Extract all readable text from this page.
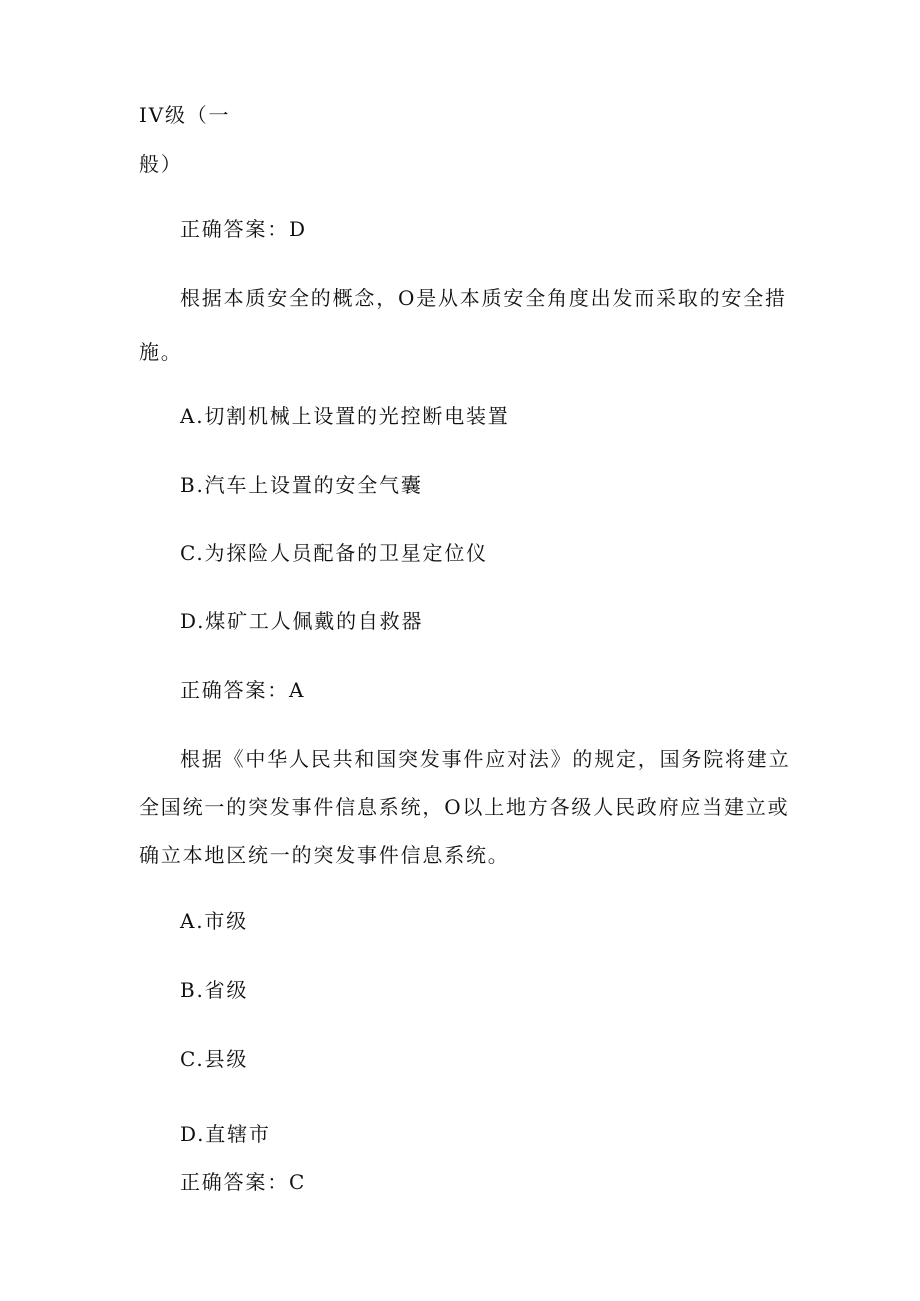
IV级（一

般）

正确答案：D

根据本质安全的概念，O是从本质安全角度出发而采取的安全措

施。

A.切割机械上设置的光控断电装置

B.汽车上设置的安全气囊

C.为探险人员配备的卫星定位仪

D.煤矿工人佩戴的自救器

正确答案：A

根据《中华人民共和国突发事件应对法》的规定，国务院将建立

全国统一的突发事件信息系统，O以上地方各级人民政府应当建立或

确立本地区统一的突发事件信息系统。

A.市级

B.省级

C.县级

D.直辖市

正确答案：C
